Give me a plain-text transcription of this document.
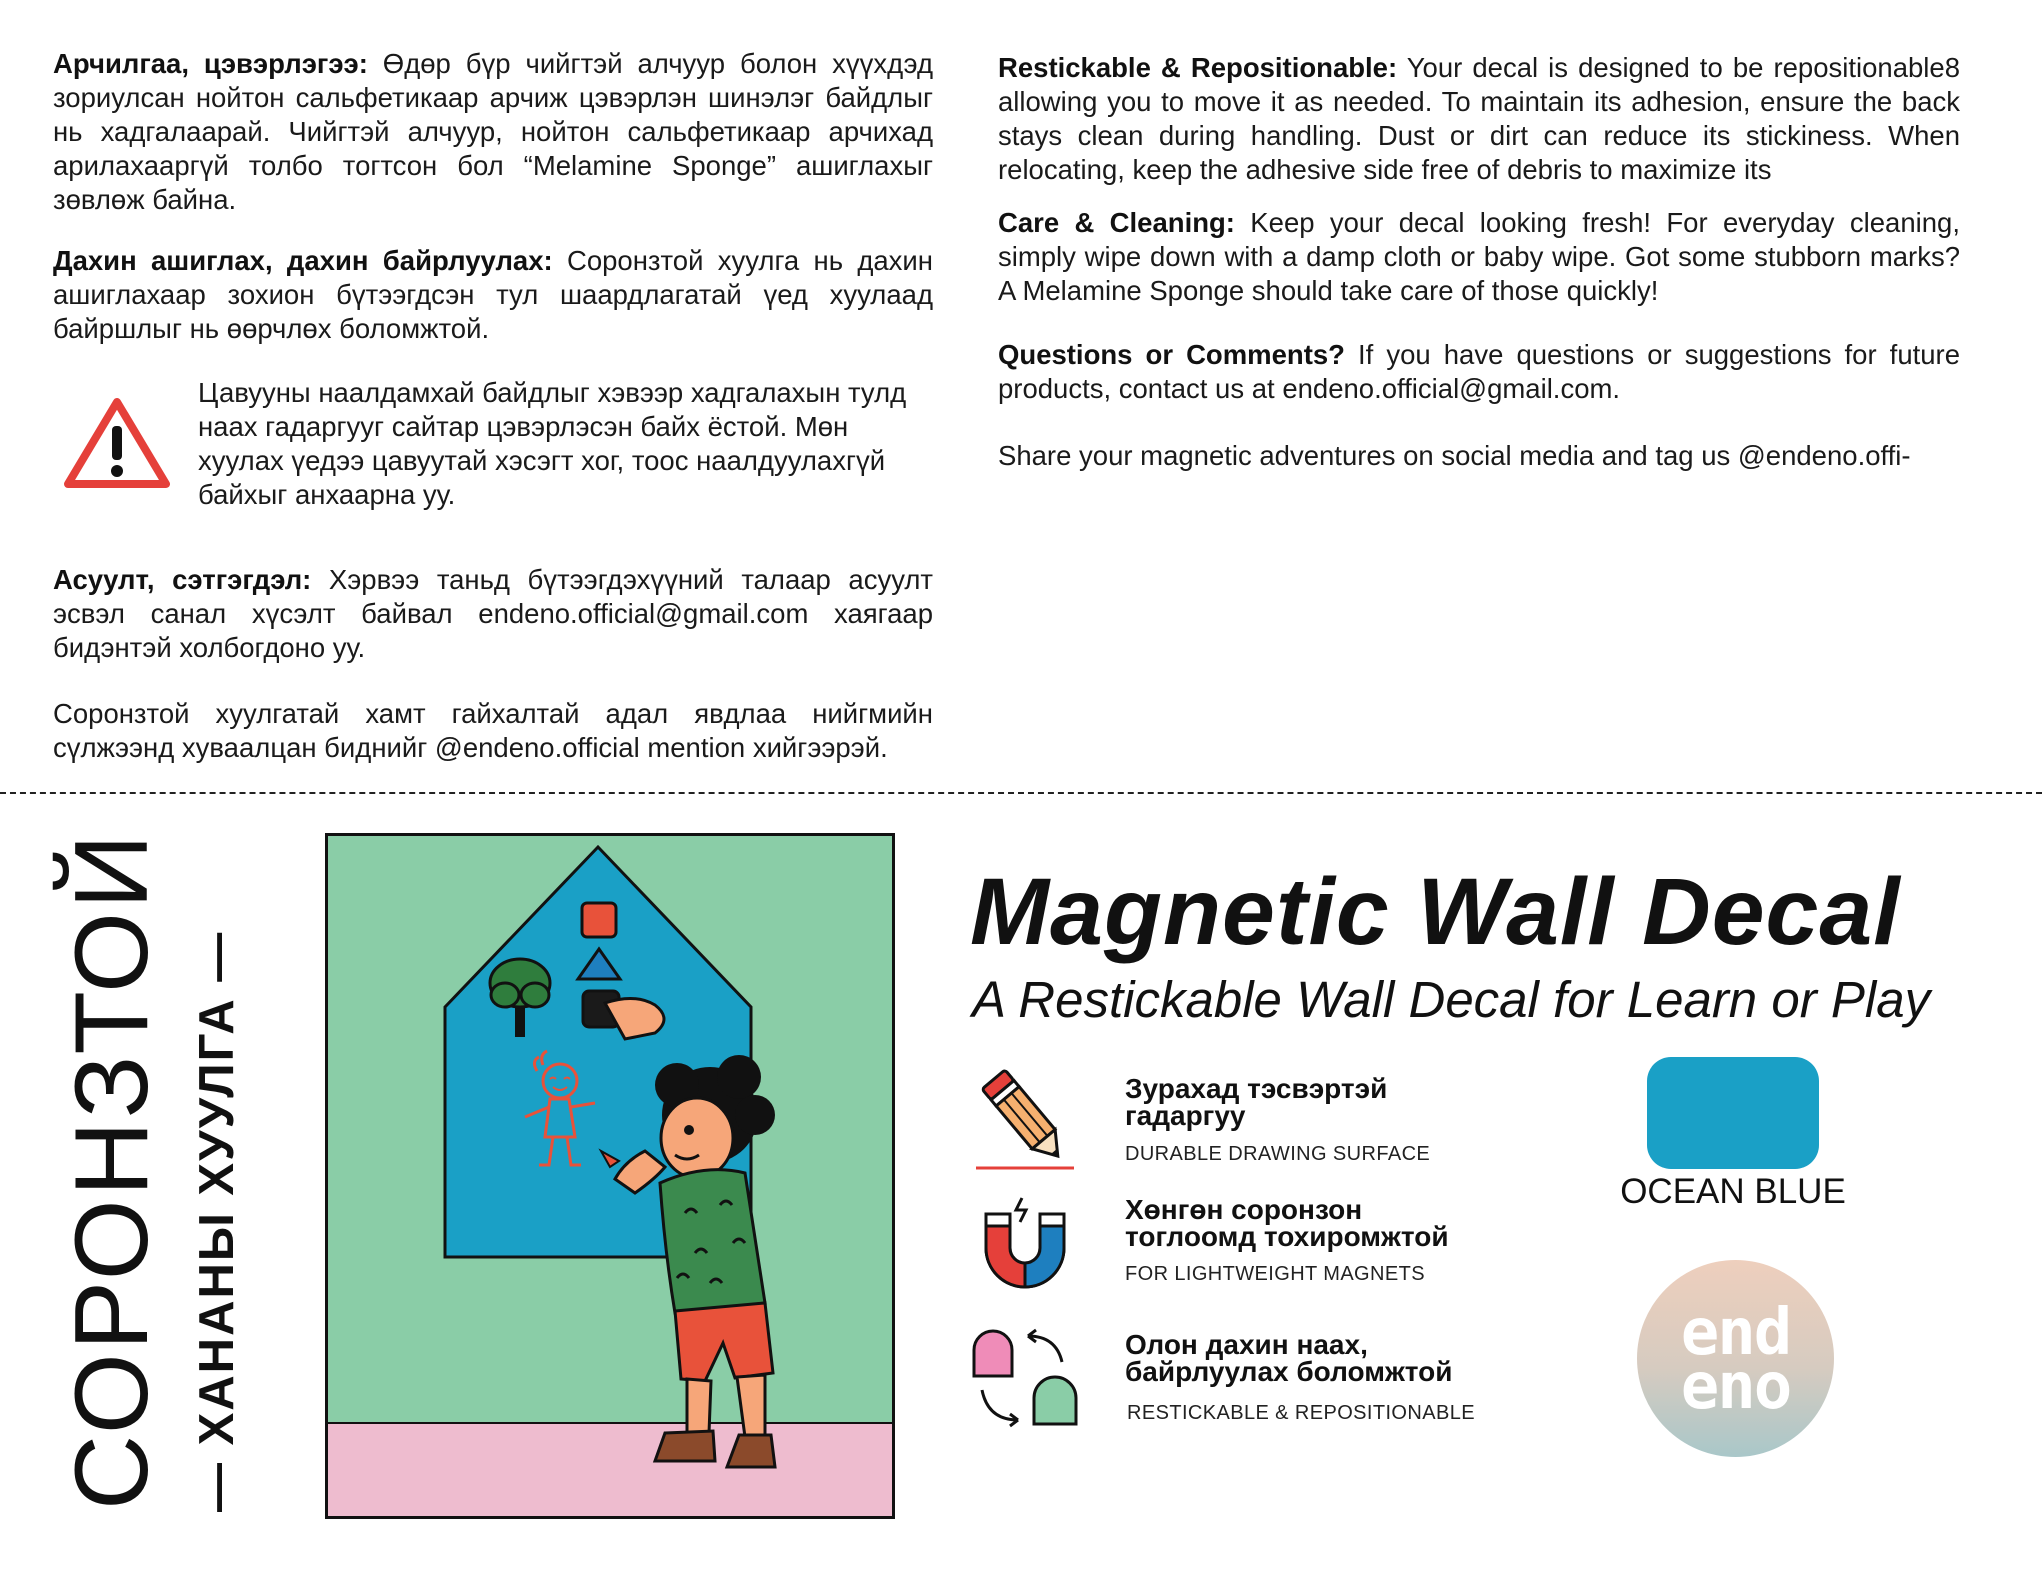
Арчилгаа, цэвэрлэгээ: Өдөр бүр чийгтэй алчуур болон хүүхдэд зориулсан нойтон сальфетикаар арчиж цэвэрлэн шинэлэг байдлыг нь хадгалаарай. Чийгтэй алчуур, нойтон сальфетикаар арчихад арилахааргүй толбо тогтсон бол “Melamine Sponge” ашиглахыг зөвлөж байна.

Дахин ашиглах, дахин байрлуулах: Соронзтой хуулга нь дахин ашиглахаар зохион бүтээгдсэн тул шаардлагатай үед хуулаад байршлыг нь өөрчлөх боломжтой.

Цавууны наалдамхай байдлыг хэвээр хадгалахын тулд наах гадаргууг сайтар цэвэрлэсэн байх ёстой. Мөн хуулах үедээ цавуутай хэсэгт хог, тоос наалдуулахгүй байхыг анхаарна уу.

Асуулт, сэтгэгдэл: Хэрвээ таньд бүтээгдэхүүний талаар асуулт эсвэл санал хүсэлт байвал endeno.official@gmail.com хаягаар бидэнтэй холбогдоно уу.

Соронзтой хуулгатай хамт гайхалтай адал явдлаа нийгмийн сүлжээнд хуваалцан биднийг @endeno.official mention хийгээрэй.

Restickable & Repositionable: Your decal is designed to be repositionable8 allowing you to move it as needed. To maintain its adhesion, ensure the back stays clean during handling. Dust or dirt can reduce its stickiness. When relocating, keep the adhesive side free of debris to maximize its

Care & Cleaning: Keep your decal looking fresh! For everyday cleaning, simply wipe down with a damp cloth or baby wipe. Got some stubborn marks? A Melamine Sponge should take care of those quickly!

Questions or Comments? If you have questions or suggestions for future products, contact us at endeno.official@gmail.com.

Share your magnetic adventures on social media and tag us @endeno.offi-

СОРОНЗТОЙ — ХАНАНЫ ХУУЛГА —
Magnetic Wall Decal
A Restickable Wall Decal for Learn or Play
Зурахад тэсвэртэй
гадаргуу
DURABLE DRAWING SURFACE
Хөнгөн соронзон
тоглоомд тохиромжтой
FOR LIGHTWEIGHT MAGNETS
Олон дахин наах,
байрлуулах боломжтой
RESTICKABLE & REPOSITIONABLE
OCEAN BLUE
end
eno
